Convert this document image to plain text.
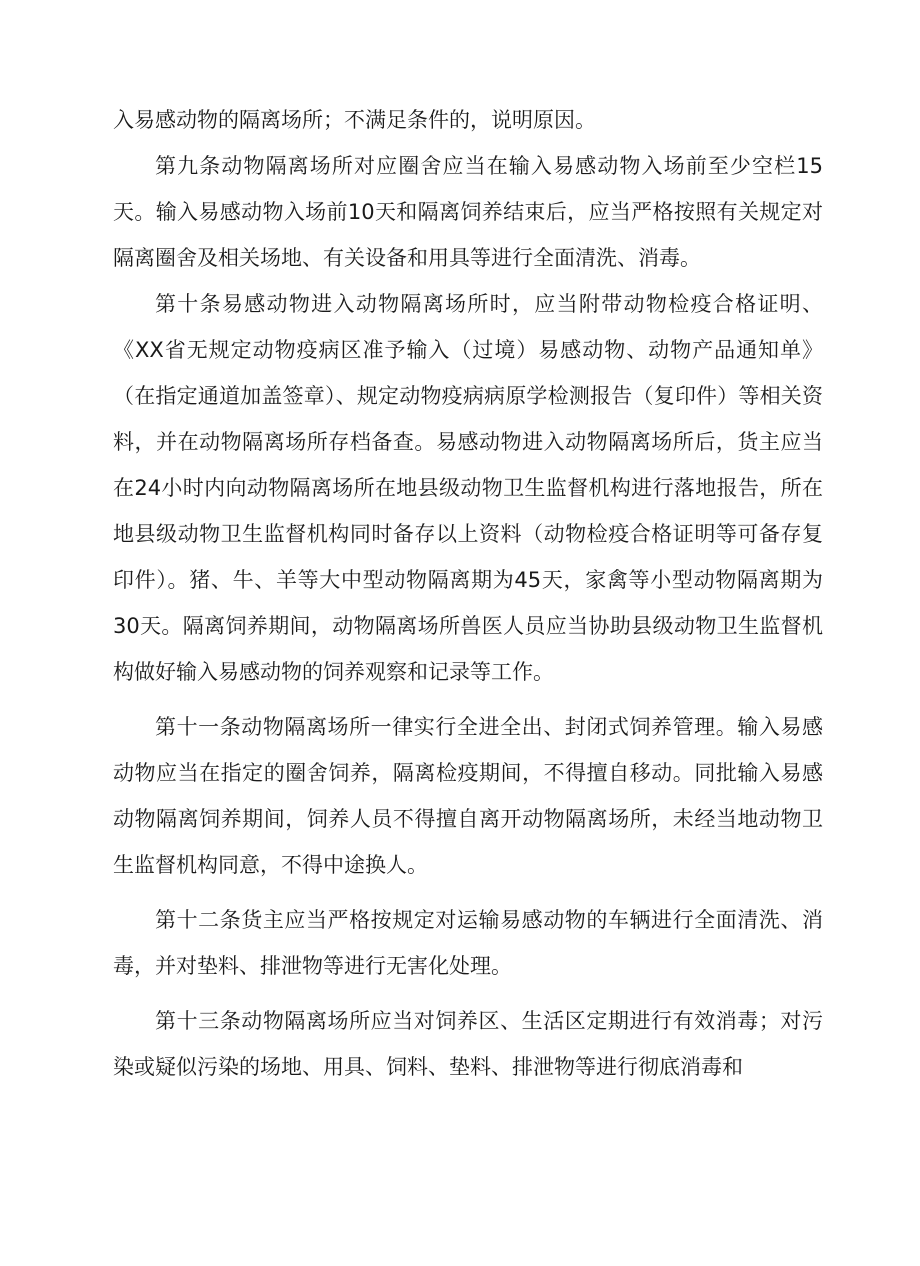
入易感动物的隔离场所；不满足条件的，说明原因。

第九条动物隔离场所对应圈舍应当在输入易感动物入场前至少空栏15天。输入易感动物入场前10天和隔离饲养结束后，应当严格按照有关规定对隔离圈舍及相关场地、有关设备和用具等进行全面清洗、消毒。

第十条易感动物进入动物隔离场所时，应当附带动物检疫合格证明、《XX省无规定动物疫病区准予输入（过境）易感动物、动物产品通知单》（在指定通道加盖签章）、规定动物疫病病原学检测报告（复印件）等相关资料，并在动物隔离场所存档备查。易感动物进入动物隔离场所后，货主应当在24小时内向动物隔离场所在地县级动物卫生监督机构进行落地报告，所在地县级动物卫生监督机构同时备存以上资料（动物检疫合格证明等可备存复印件）。猪、牛、羊等大中型动物隔离期为45天，家禽等小型动物隔离期为30天。隔离饲养期间，动物隔离场所兽医人员应当协助县级动物卫生监督机构做好输入易感动物的饲养观察和记录等工作。

第十一条动物隔离场所一律实行全进全出、封闭式饲养管理。输入易感动物应当在指定的圈舍饲养，隔离检疫期间，不得擅自移动。同批输入易感动物隔离饲养期间，饲养人员不得擅自离开动物隔离场所，未经当地动物卫生监督机构同意，不得中途换人。

第十二条货主应当严格按规定对运输易感动物的车辆进行全面清洗、消毒，并对垫料、排泄物等进行无害化处理。

第十三条动物隔离场所应当对饲养区、生活区定期进行有效消毒；对污染或疑似污染的场地、用具、饲料、垫料、排泄物等进行彻底消毒和
